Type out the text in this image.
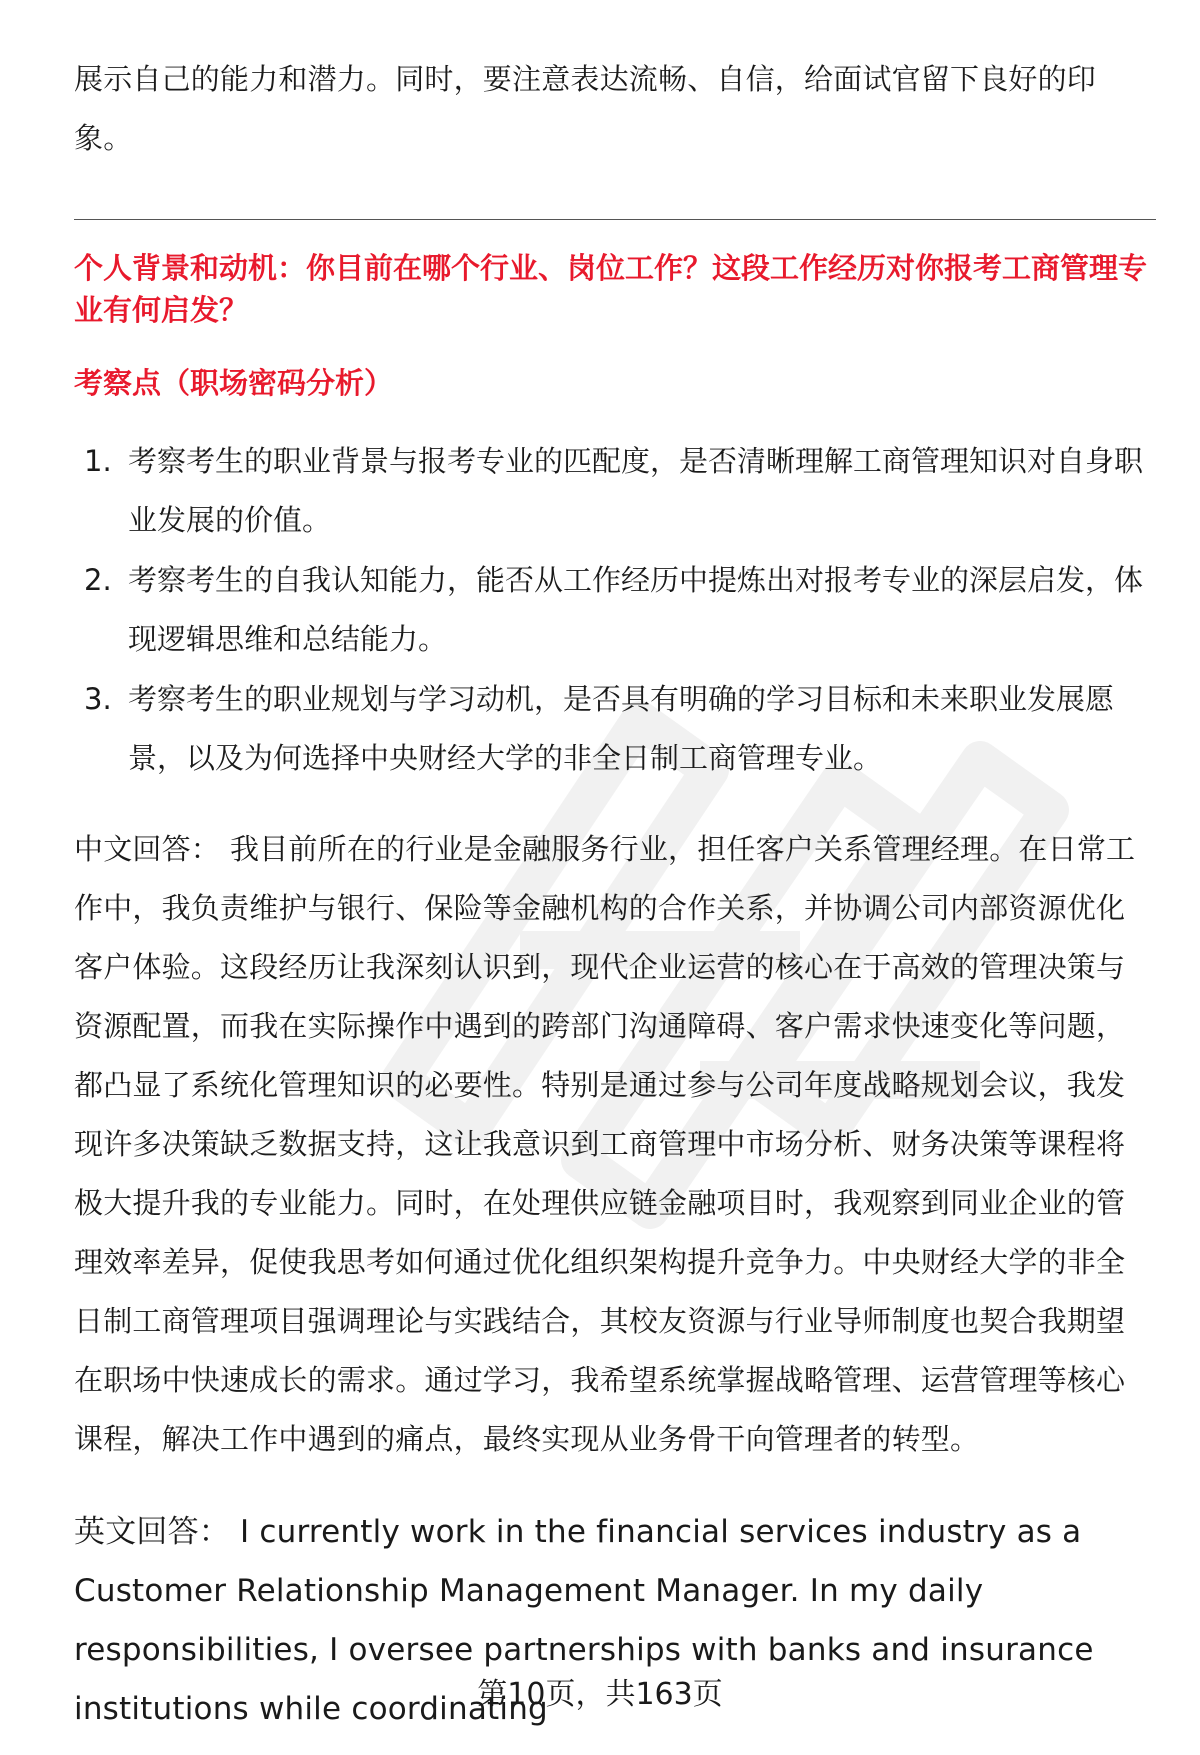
展示自己的能力和潜力。同时，要注意表达流畅、自信，给面试官留下良好的印象。
个人背景和动机：你目前在哪个行业、岗位工作？这段工作经历对你报考工商管理专业有何启发？
考察点（职场密码分析）
1. 考察考生的职业背景与报考专业的匹配度，是否清晰理解工商管理知识对自身职业发展的价值。
2. 考察考生的自我认知能力，能否从工作经历中提炼出对报考专业的深层启发，体现逻辑思维和总结能力。
3. 考察考生的职业规划与学习动机，是否具有明确的学习目标和未来职业发展愿景，以及为何选择中央财经大学的非全日制工商管理专业。
中文回答： 我目前所在的行业是金融服务行业，担任客户关系管理经理。在日常工作中，我负责维护与银行、保险等金融机构的合作关系，并协调公司内部资源优化客户体验。这段经历让我深刻认识到，现代企业运营的核心在于高效的管理决策与资源配置，而我在实际操作中遇到的跨部门沟通障碍、客户需求快速变化等问题，都凸显了系统化管理知识的必要性。特别是通过参与公司年度战略规划会议，我发现许多决策缺乏数据支持，这让我意识到工商管理中市场分析、财务决策等课程将极大提升我的专业能力。同时，在处理供应链金融项目时，我观察到同业企业的管理效率差异，促使我思考如何通过优化组织架构提升竞争力。中央财经大学的非全日制工商管理项目强调理论与实践结合，其校友资源与行业导师制度也契合我期望在职场中快速成长的需求。通过学习，我希望系统掌握战略管理、运营管理等核心课程，解决工作中遇到的痛点，最终实现从业务骨干向管理者的转型。
英文回答： I currently work in the financial services industry as a Customer Relationship Management Manager. In my daily responsibilities, I oversee partnerships with banks and insurance institutions while coordinating
第10页，共163页
